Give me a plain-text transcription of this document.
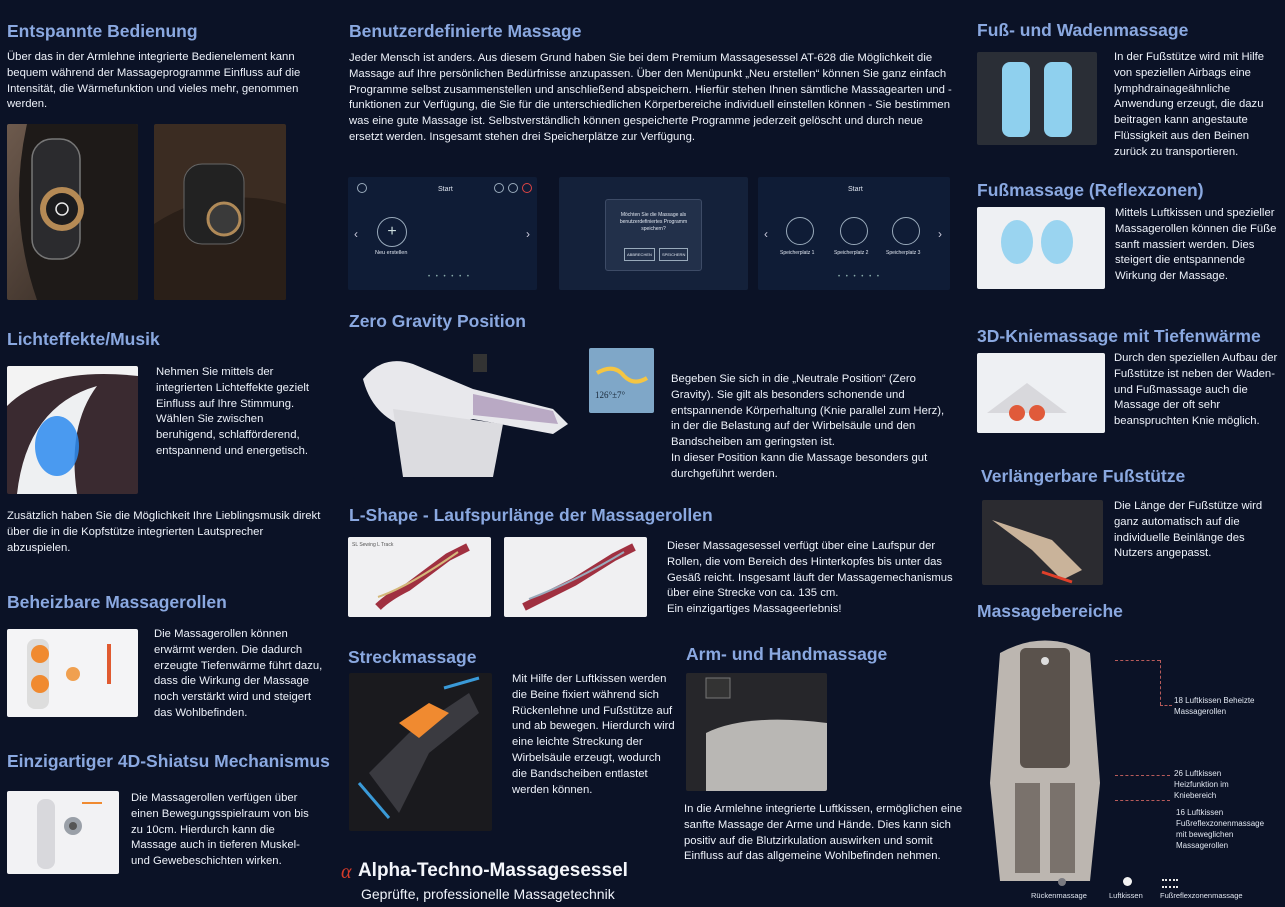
Entspannte Bedienung
Über das in der Armlehne integrierte Bedienelement kann bequem während der Massageprogramme Einfluss auf die Intensität, die Wärmefunktion und vieles mehr, genommen werden.
Lichteffekte/Musik
Nehmen Sie mittels der integrierten Lichteffekte gezielt Einfluss auf Ihre Stimmung. Wählen Sie zwischen beruhigend, schlafförderend, entspannend und energetisch.
Zusätzlich haben Sie die Möglichkeit Ihre Lieblingsmusik direkt über die in die Kopfstütze integrierten Lautsprecher abzuspielen.
Beheizbare Massagerollen
Die Massagerollen können erwärmt werden. Die dadurch erzeugte Tiefenwärme führt dazu, dass die Wirkung der Massage noch verstärkt wird und steigert das Wohlbefinden.
Einzigartiger 4D-Shiatsu Mechanismus
Die Massagerollen verfügen über einen Bewegungsspielraum von bis zu 10cm. Hierdurch kann die Massage auch in tieferen Muskel- und Gewebeschichten wirken.
Benutzerdefinierte Massage
Jeder Mensch ist anders. Aus diesem Grund haben Sie bei dem Premium Massagesessel AT-628 die Möglichkeit die Massage auf Ihre persönlichen Bedürfnisse anzupassen. Über den Menüpunkt „Neu erstellen“ können Sie ganz einfach Programme selbst zusammenstellen und anschließend abspeichern. Hierfür stehen Ihnen sämtliche Massagearten und -funktionen zur Verfügung, die Sie für die unterschiedlichen Körperbereiche individuell einstellen können - Sie bestimmen was eine gute Massage ist. Selbstverständlich können gespeicherte Programme jederzeit gelöscht und durch neue ersetzt werden. Insgesamt stehen drei Speicherplätze zur Verfügung.
Start
‹	›
+
Neu erstellen
• • • • • •
Möchten Sie die Massage als benutzerdefiniertes Programm speichern?
ABBRECHEN	SPEICHERN
Start
‹	›
Speicherplatz 1	Speicherplatz 2	Speicherplatz 3
• • • • • •
Zero Gravity Position
126°±7°
Begeben Sie sich in die „Neutrale Position“ (Zero Gravity). Sie gilt als besonders schonende und entspannende Körperhaltung (Knie parallel zum Herz), in der die Belastung auf der Wirbelsäule und den Bandscheiben am geringsten ist.
In dieser Position kann die Massage besonders gut durchgeführt werden.
L-Shape - Laufspurlänge der Massagerollen
SL Sewing L Track	Dieser Massagesessel verfügt über eine Laufspur der Rollen, die vom Bereich des Hinterkopfes bis unter das Gesäß reicht. Insgesamt läuft der Massagemechanismus über eine Strecke von ca. 135 cm.
Ein einzigartiges Massageerlebnis!
Streckmassage
Mit Hilfe der Luftkissen werden die Beine fixiert während sich Rückenlehne und Fußstütze auf und ab bewegen. Hierdurch wird eine leichte Streckung der Wirbelsäule erzeugt, wodurch die Bandscheiben entlastet werden können.
Arm- und Handmassage
In die Armlehne integrierte Luftkissen, ermöglichen eine sanfte Massage der Arme und Hände. Dies kann sich positiv auf die Blutzirkulation auswirken und somit Einfluss auf das allgemeine Wohlbefinden nehmen.
α Alpha-Techno-Massagesessel
Geprüfte, professionelle Massagetechnik
Fuß- und Wadenmassage
In der Fußstütze wird mit Hilfe von speziellen Airbags eine lymphdrainageähnliche Anwendung erzeugt, die dazu beitragen kann angestaute Flüssigkeit aus den Beinen zurück zu transportieren.
Fußmassage (Reflexzonen)
Mittels Luftkissen und spezieller Massagerollen können die Füße sanft massiert werden. Dies steigert die entspannende Wirkung der Massage.
3D-Kniemassage mit Tiefenwärme
Durch den speziellen Aufbau der Fußstütze ist neben der Waden- und Fußmassage auch die Massage der oft sehr beanspruchten Knie möglich.
Verlängerbare Fußstütze
Die Länge der Fußstütze wird ganz automatisch auf die individuelle Beinlänge des Nutzers angepasst.
Massagebereiche
18 Luftkissen Beheizte Massagerollen
26 Luftkissen Heizfunktion im Kniebereich
16 Luftkissen Fußreflexzonenmassage mit beweglichen Massagerollen
Rückenmassage	Luftkissen Fußreflexzonenmassage
